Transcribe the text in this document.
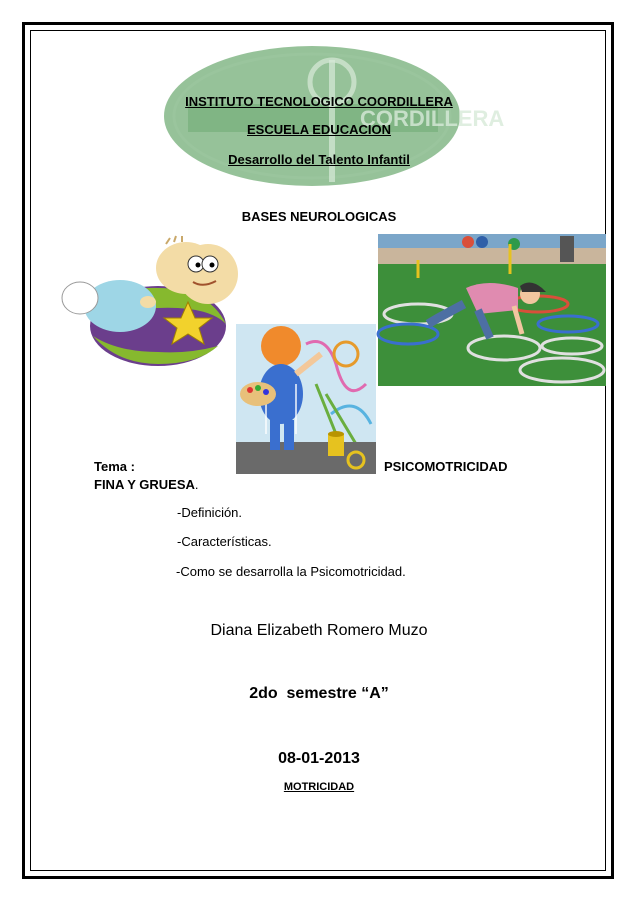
CORDILLERA
INSTITUTO TECNOLOGICO COORDILLERA
ESCUELA EDUCACION
Desarrollo del Talento Infantil
BASES NEUROLOGICAS
Tema :	PSICOMOTRICIDAD
FINA Y GRUESA.
-Definición.
-Características.
-Como se desarrolla la Psicomotricidad.
Diana Elizabeth Romero Muzo
2do  semestre “A”
08-01-2013
MOTRICIDAD
